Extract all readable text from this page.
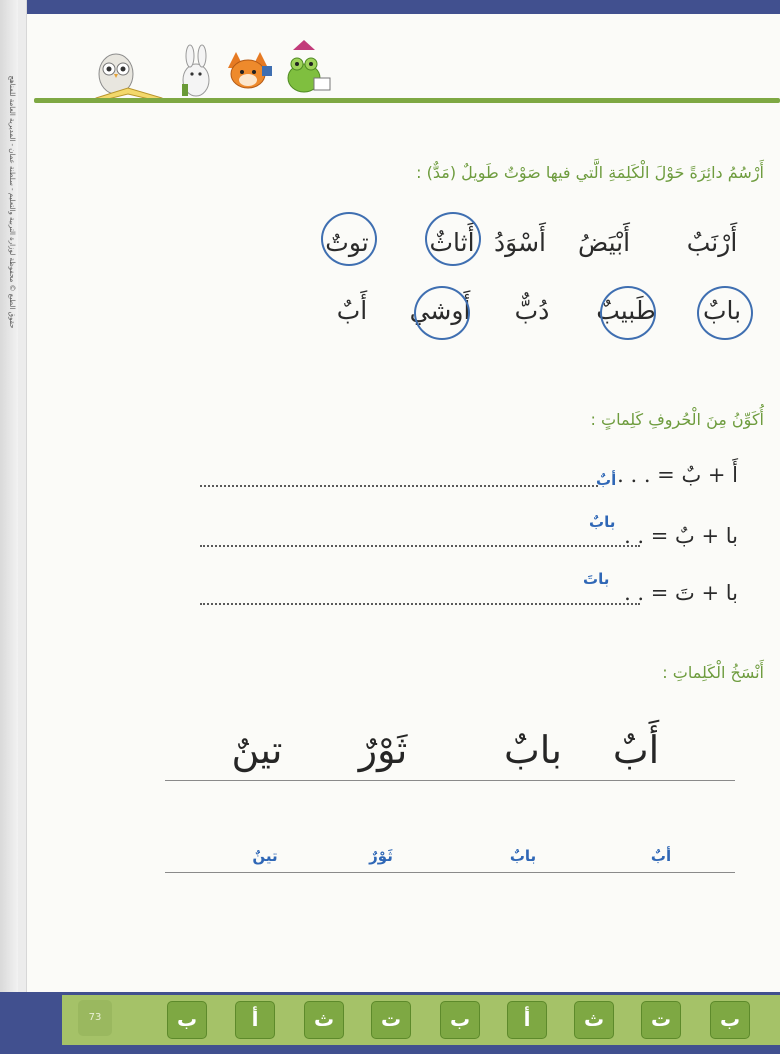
حقوق الطبع © محفوظة لوزارة التربية والتعليم - سلطنة عمان - المديرية العامة للمناهج	أَرْسُمُ دائِرَةً حَوْلَ الْكَلِمَةِ الَّتي فيها صَوْتٌ طَويلٌ (مَدٌّ) :
أَرْنَبٌ
أَبْيَضُ
أَسْوَدُ
أَثاثٌ
توتٌ
بابٌ
طَبيبٌ
دُبٌّ
أَوشي
أَبٌ
أُكَوِّنُ مِنَ الْحُروفِ كَلِماتٍ :
أَ + بٌ = . . .
أبٌ
با + بٌ = . .
بابٌ
با + تَ = . .
باتَ
أَنْسَخُ الْكَلِماتِ :
أَبٌ
بابٌ
ثَوْرٌ
تينٌ
أبٌ
بابٌ
ثَوْرٌ
تينٌ
73	ب
ت
ث
أ
ب
ت
ث
أ
ب
